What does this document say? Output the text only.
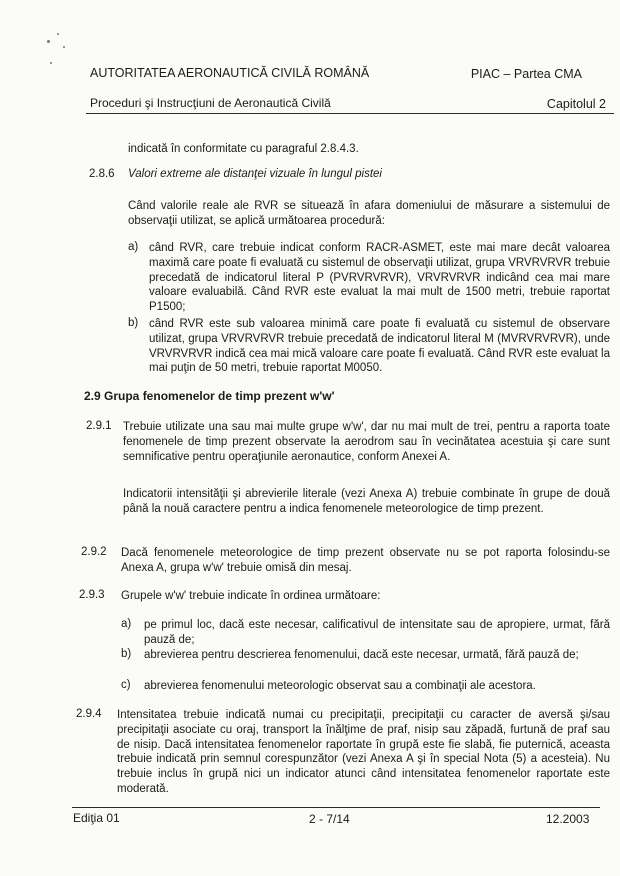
AUTORITATEA AERONAUTICĂ CIVILĂ ROMÂNĂ	PIAC – Partea CMA
Proceduri şi Instrucţiuni de Aeronautică Civilă	Capitolul 2
indicată în conformitate cu paragraful 2.8.4.3.
2.8.6 Valori extreme ale distanţei vizuale în lungul pistei
Când valorile reale ale RVR se situează în afara domeniului de măsurare a sistemului de observaţii utilizat, se aplică următoarea procedură:
a) când RVR, care trebuie indicat conform RACR-ASMET, este mai mare decât valoarea maximă care poate fi evaluată cu sistemul de observaţii utilizat, grupa VRVRVRVR trebuie precedată de indicatorul literal P (PVRVRVRVR), VRVRVRVR indicând cea mai mare valoare evaluabilă. Când RVR este evaluat la mai mult de 1500 metri, trebuie raportat P1500;
b) când RVR este sub valoarea minimă care poate fi evaluată cu sistemul de observare utilizat, grupa VRVRVRVR trebuie precedată de indicatorul literal M (MVRVRVRVR), unde VRVRVRVR indică cea mai mică valoare care poate fi evaluată. Când RVR este evaluat la mai puţin de 50 metri, trebuie raportat M0050.
2.9 Grupa fenomenelor de timp prezent w'w'
2.9.1 Trebuie utilizate una sau mai multe grupe w'w', dar nu mai mult de trei, pentru a raporta toate fenomenele de timp prezent observate la aerodrom sau în vecinătatea acestuia şi care sunt semnificative pentru operaţiunile aeronautice, conform Anexei A.
Indicatorii intensităţii şi abrevierile literale (vezi Anexa A) trebuie combinate în grupe de două până la nouă caractere pentru a indica fenomenele meteorologice de timp prezent.
2.9.2 Dacă fenomenele meteorologice de timp prezent observate nu se pot raporta folosindu-se Anexa A, grupa w'w' trebuie omisă din mesaj.
2.9.3 Grupele w'w' trebuie indicate în ordinea următoare:
a) pe primul loc, dacă este necesar, calificativul de intensitate sau de apropiere, urmat, fără pauză de;
b) abrevierea pentru descrierea fenomenului, dacă este necesar, urmată, fără pauză de;
c) abrevierea fenomenului meteorologic observat sau a combinaţii ale acestora.
2.9.4 Intensitatea trebuie indicată numai cu precipitaţii, precipitaţii cu caracter de aversă şi/sau precipitaţii asociate cu oraj, transport la înălţime de praf, nisip sau zăpadă, furtună de praf sau de nisip. Dacă intensitatea fenomenelor raportate în grupă este fie slabă, fie puternică, aceasta trebuie indicată prin semnul corespunzător (vezi Anexa A şi în special Nota (5) a acesteia). Nu trebuie inclus în grupă nici un indicator atunci când intensitatea fenomenelor raportate este moderată.
Ediţia 01	2 - 7/14	12.2003
